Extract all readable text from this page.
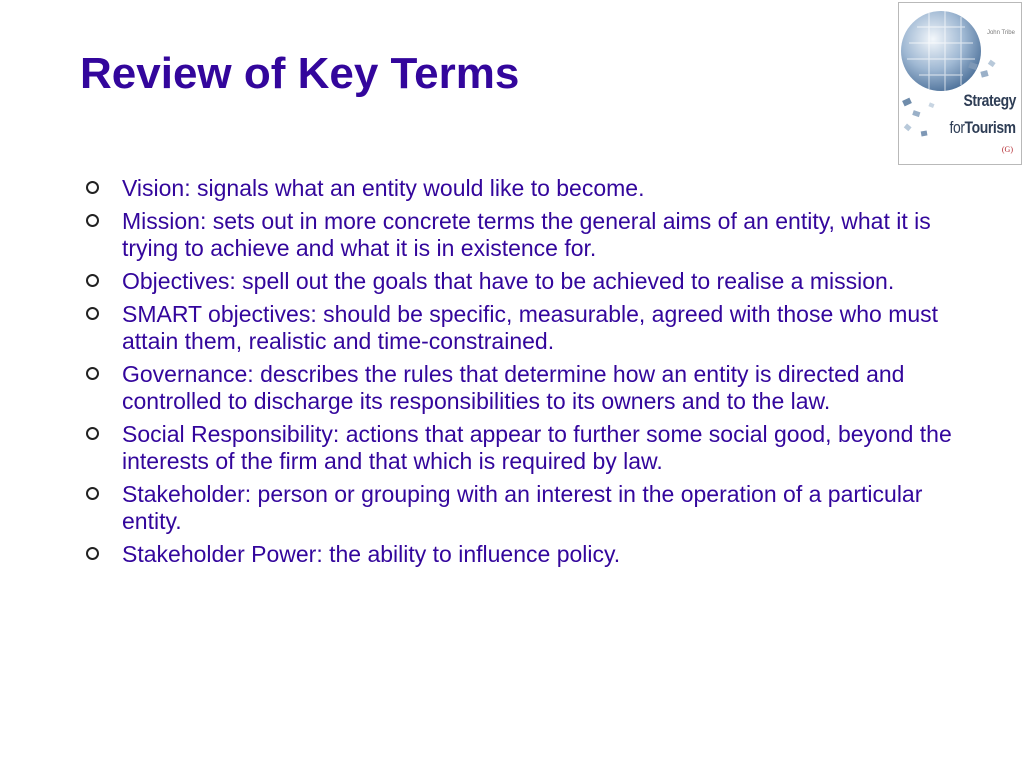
Review of Key Terms
John Tribe
Strategy
forTourism
(G)
Vision: signals what an entity would like to become.
Mission: sets out in more concrete terms the general aims of an entity, what it is trying to achieve and what it is in existence for.
Objectives: spell out the goals that have to be achieved to realise a mission.
SMART objectives: should be specific, measurable, agreed with those who must attain them, realistic and time-constrained.
Governance: describes the rules that determine how an entity is directed and controlled to discharge its responsibilities to its owners and to the law.
Social Responsibility: actions that appear to further some social good, beyond the interests of the firm and that which is required by law.
Stakeholder: person or grouping with an interest in the operation of a particular entity.
Stakeholder Power: the ability to influence policy.
